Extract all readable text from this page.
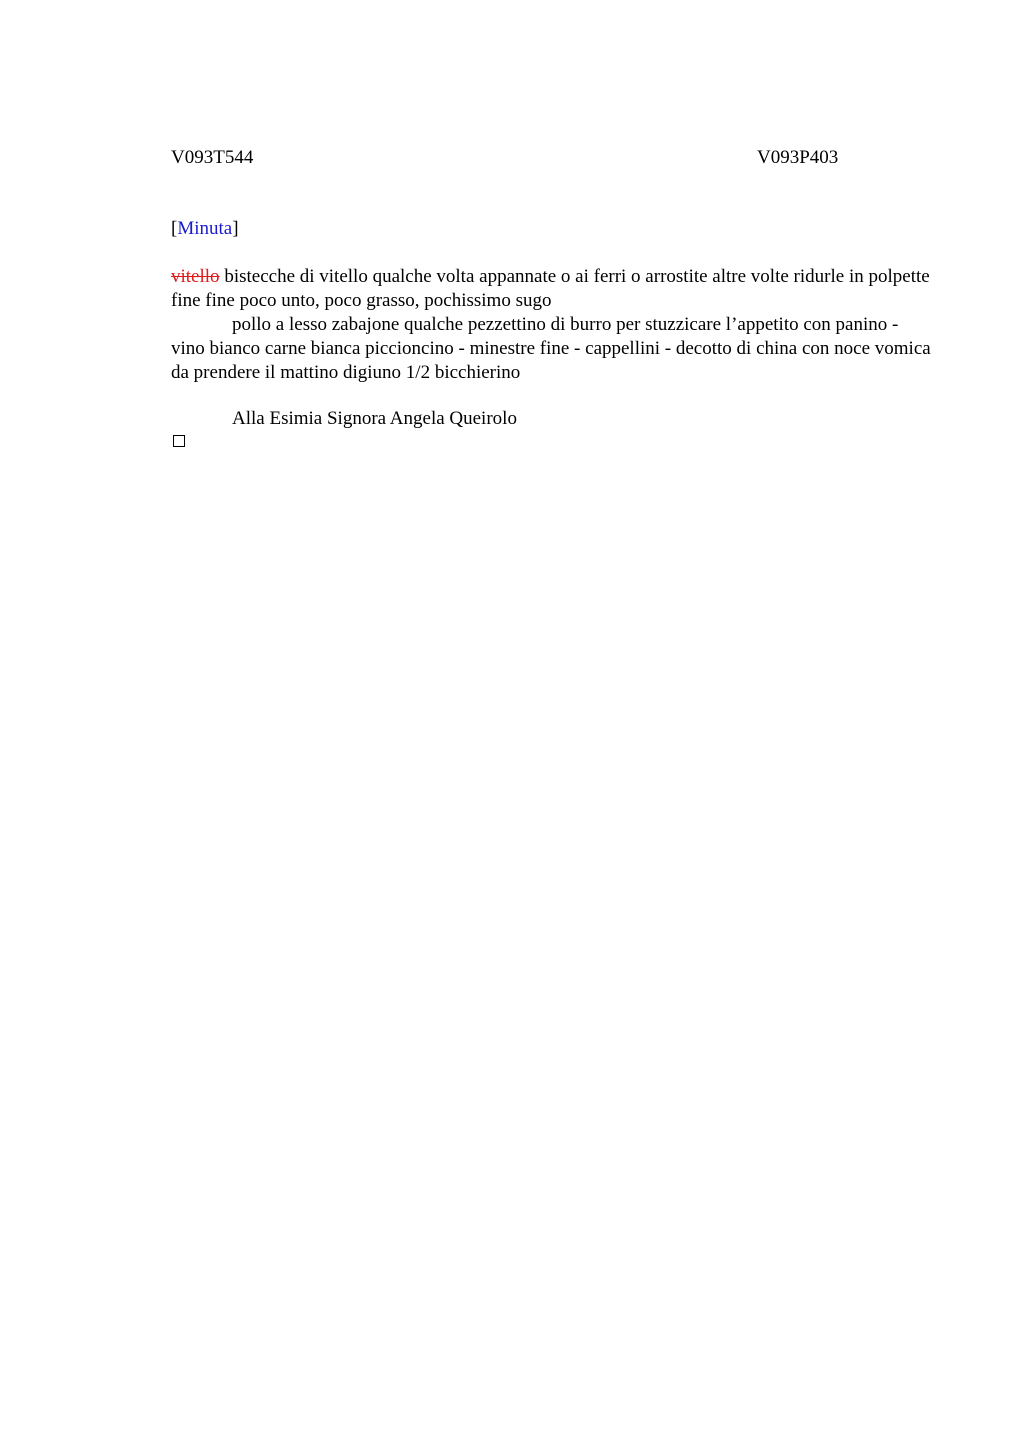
V093T544	V093P403
[Minuta]

vitello bistecche di vitello qualche volta appannate o ai ferri o arrostite altre volte ridurle in polpette fine fine poco unto, poco grasso, pochissimo sugo

pollo a lesso zabajone qualche pezzettino di burro per stuzzicare l’appetito con panino - vino bianco carne bianca piccioncino - minestre fine - cappellini - decotto di china con noce vomica da prendere il mattino digiuno 1/2 bicchierino

Alla Esimia Signora Angela Queirolo
